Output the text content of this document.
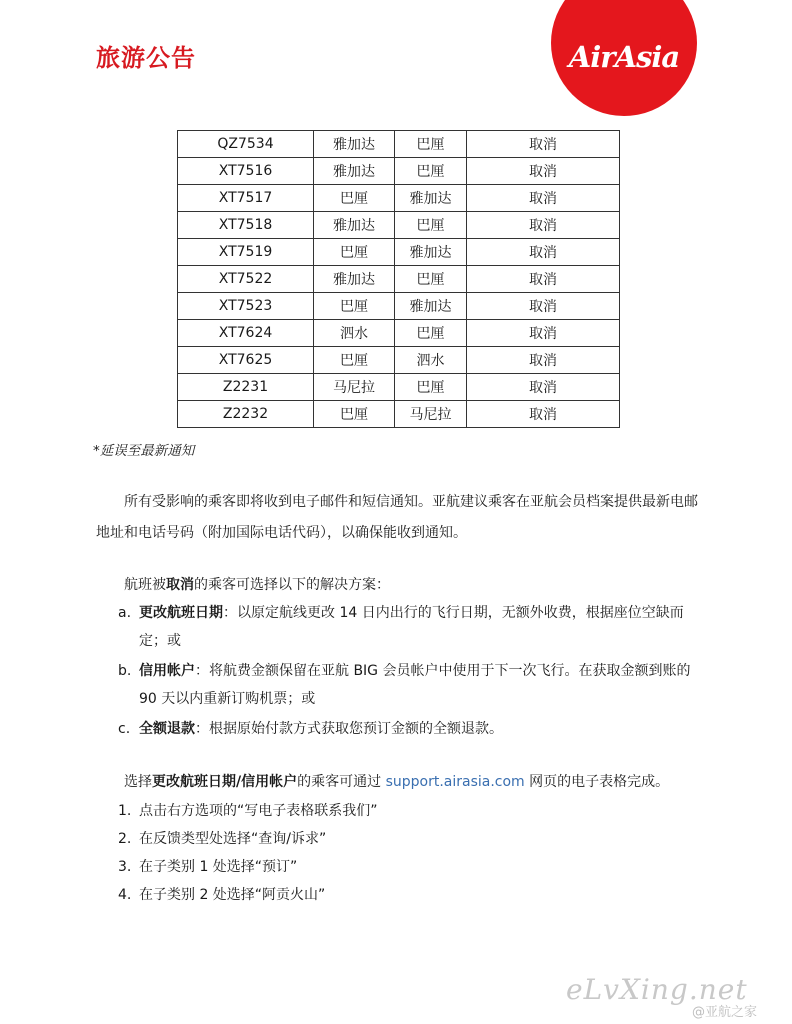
旅游公告	AirAsia
QZ7534	雅加达	巴厘	取消
XT7516	雅加达	巴厘	取消
XT7517	巴厘	雅加达	取消
XT7518	雅加达	巴厘	取消
XT7519	巴厘	雅加达	取消
XT7522	雅加达	巴厘	取消
XT7523	巴厘	雅加达	取消
XT7624	泗水	巴厘	取消
XT7625	巴厘	泗水	取消
Z2231	马尼拉	巴厘	取消
Z2232	巴厘	马尼拉	取消
*延误至最新通知
所有受影响的乘客即将收到电子邮件和短信通知。亚航建议乘客在亚航会员档案提供最新电邮地址和电话号码（附加国际电话代码），以确保能收到通知。
航班被取消的乘客可选择以下的解决方案：
a. 更改航班日期：以原定航线更改 14 日内出行的飞行日期，无额外收费，根据座位空缺而定；或
b. 信用帐户：将航费金额保留在亚航 BIG 会员帐户中使用于下一次飞行。在获取金额到账的 90 天以内重新订购机票；或
c. 全额退款：根据原始付款方式获取您预订金额的全额退款。
选择更改航班日期/信用帐户的乘客可通过 support.airasia.com 网页的电子表格完成。
1. 点击右方选项的“写电子表格联系我们”
2. 在反馈类型处选择“查询/诉求”
3. 在子类别 1 处选择“预订”
4. 在子类别 2 处选择“阿贡火山”
eLvXing.net
@亚航之家
